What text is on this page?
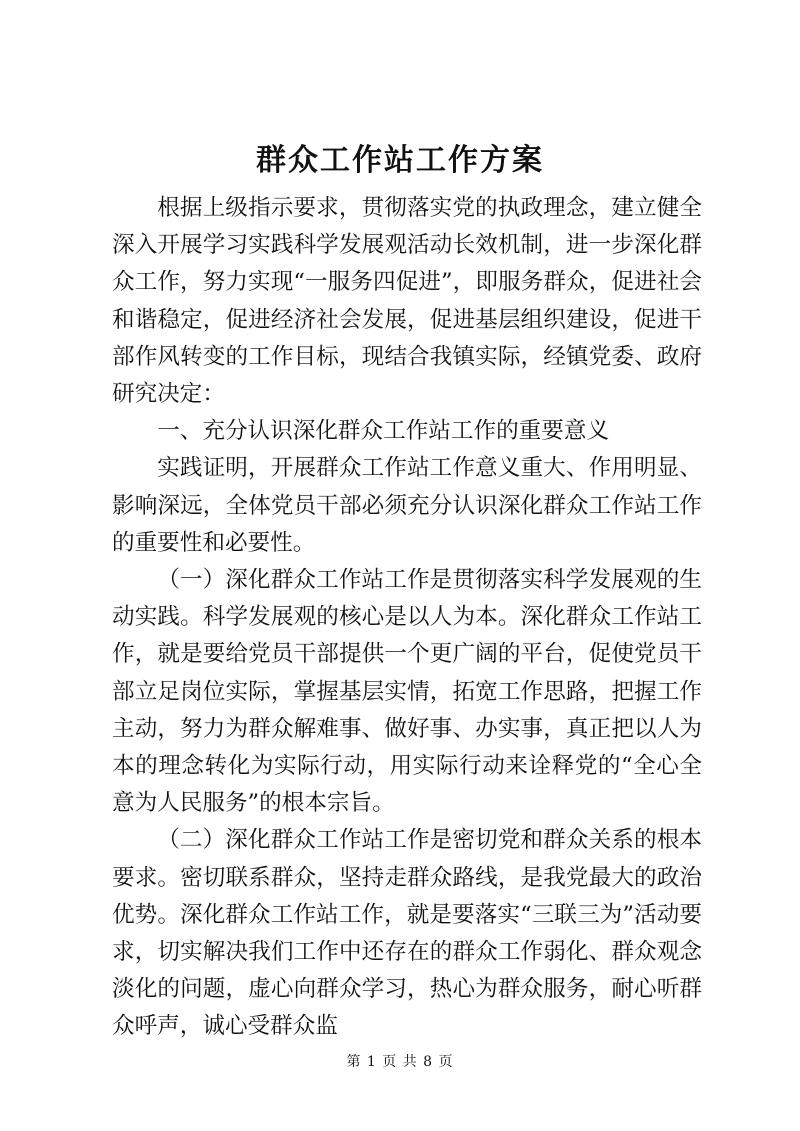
群众工作站工作方案

根据上级指示要求，贯彻落实党的执政理念，建立健全深入开展学习实践科学发展观活动长效机制，进一步深化群众工作，努力实现“一服务四促进”，即服务群众，促进社会和谐稳定，促进经济社会发展，促进基层组织建设，促进干部作风转变的工作目标，现结合我镇实际，经镇党委、政府研究决定：

一、充分认识深化群众工作站工作的重要意义

实践证明，开展群众工作站工作意义重大、作用明显、影响深远，全体党员干部必须充分认识深化群众工作站工作的重要性和必要性。

（一）深化群众工作站工作是贯彻落实科学发展观的生动实践。科学发展观的核心是以人为本。深化群众工作站工作，就是要给党员干部提供一个更广阔的平台，促使党员干部立足岗位实际，掌握基层实情，拓宽工作思路，把握工作主动，努力为群众解难事、做好事、办实事，真正把以人为本的理念转化为实际行动，用实际行动来诠释党的“全心全意为人民服务”的根本宗旨。

（二）深化群众工作站工作是密切党和群众关系的根本要求。密切联系群众，坚持走群众路线，是我党最大的政治优势。深化群众工作站工作，就是要落实“三联三为”活动要求，切实解决我们工作中还存在的群众工作弱化、群众观念淡化的问题，虚心向群众学习，热心为群众服务，耐心听群众呼声，诚心受群众监

第 1 页 共 8 页
